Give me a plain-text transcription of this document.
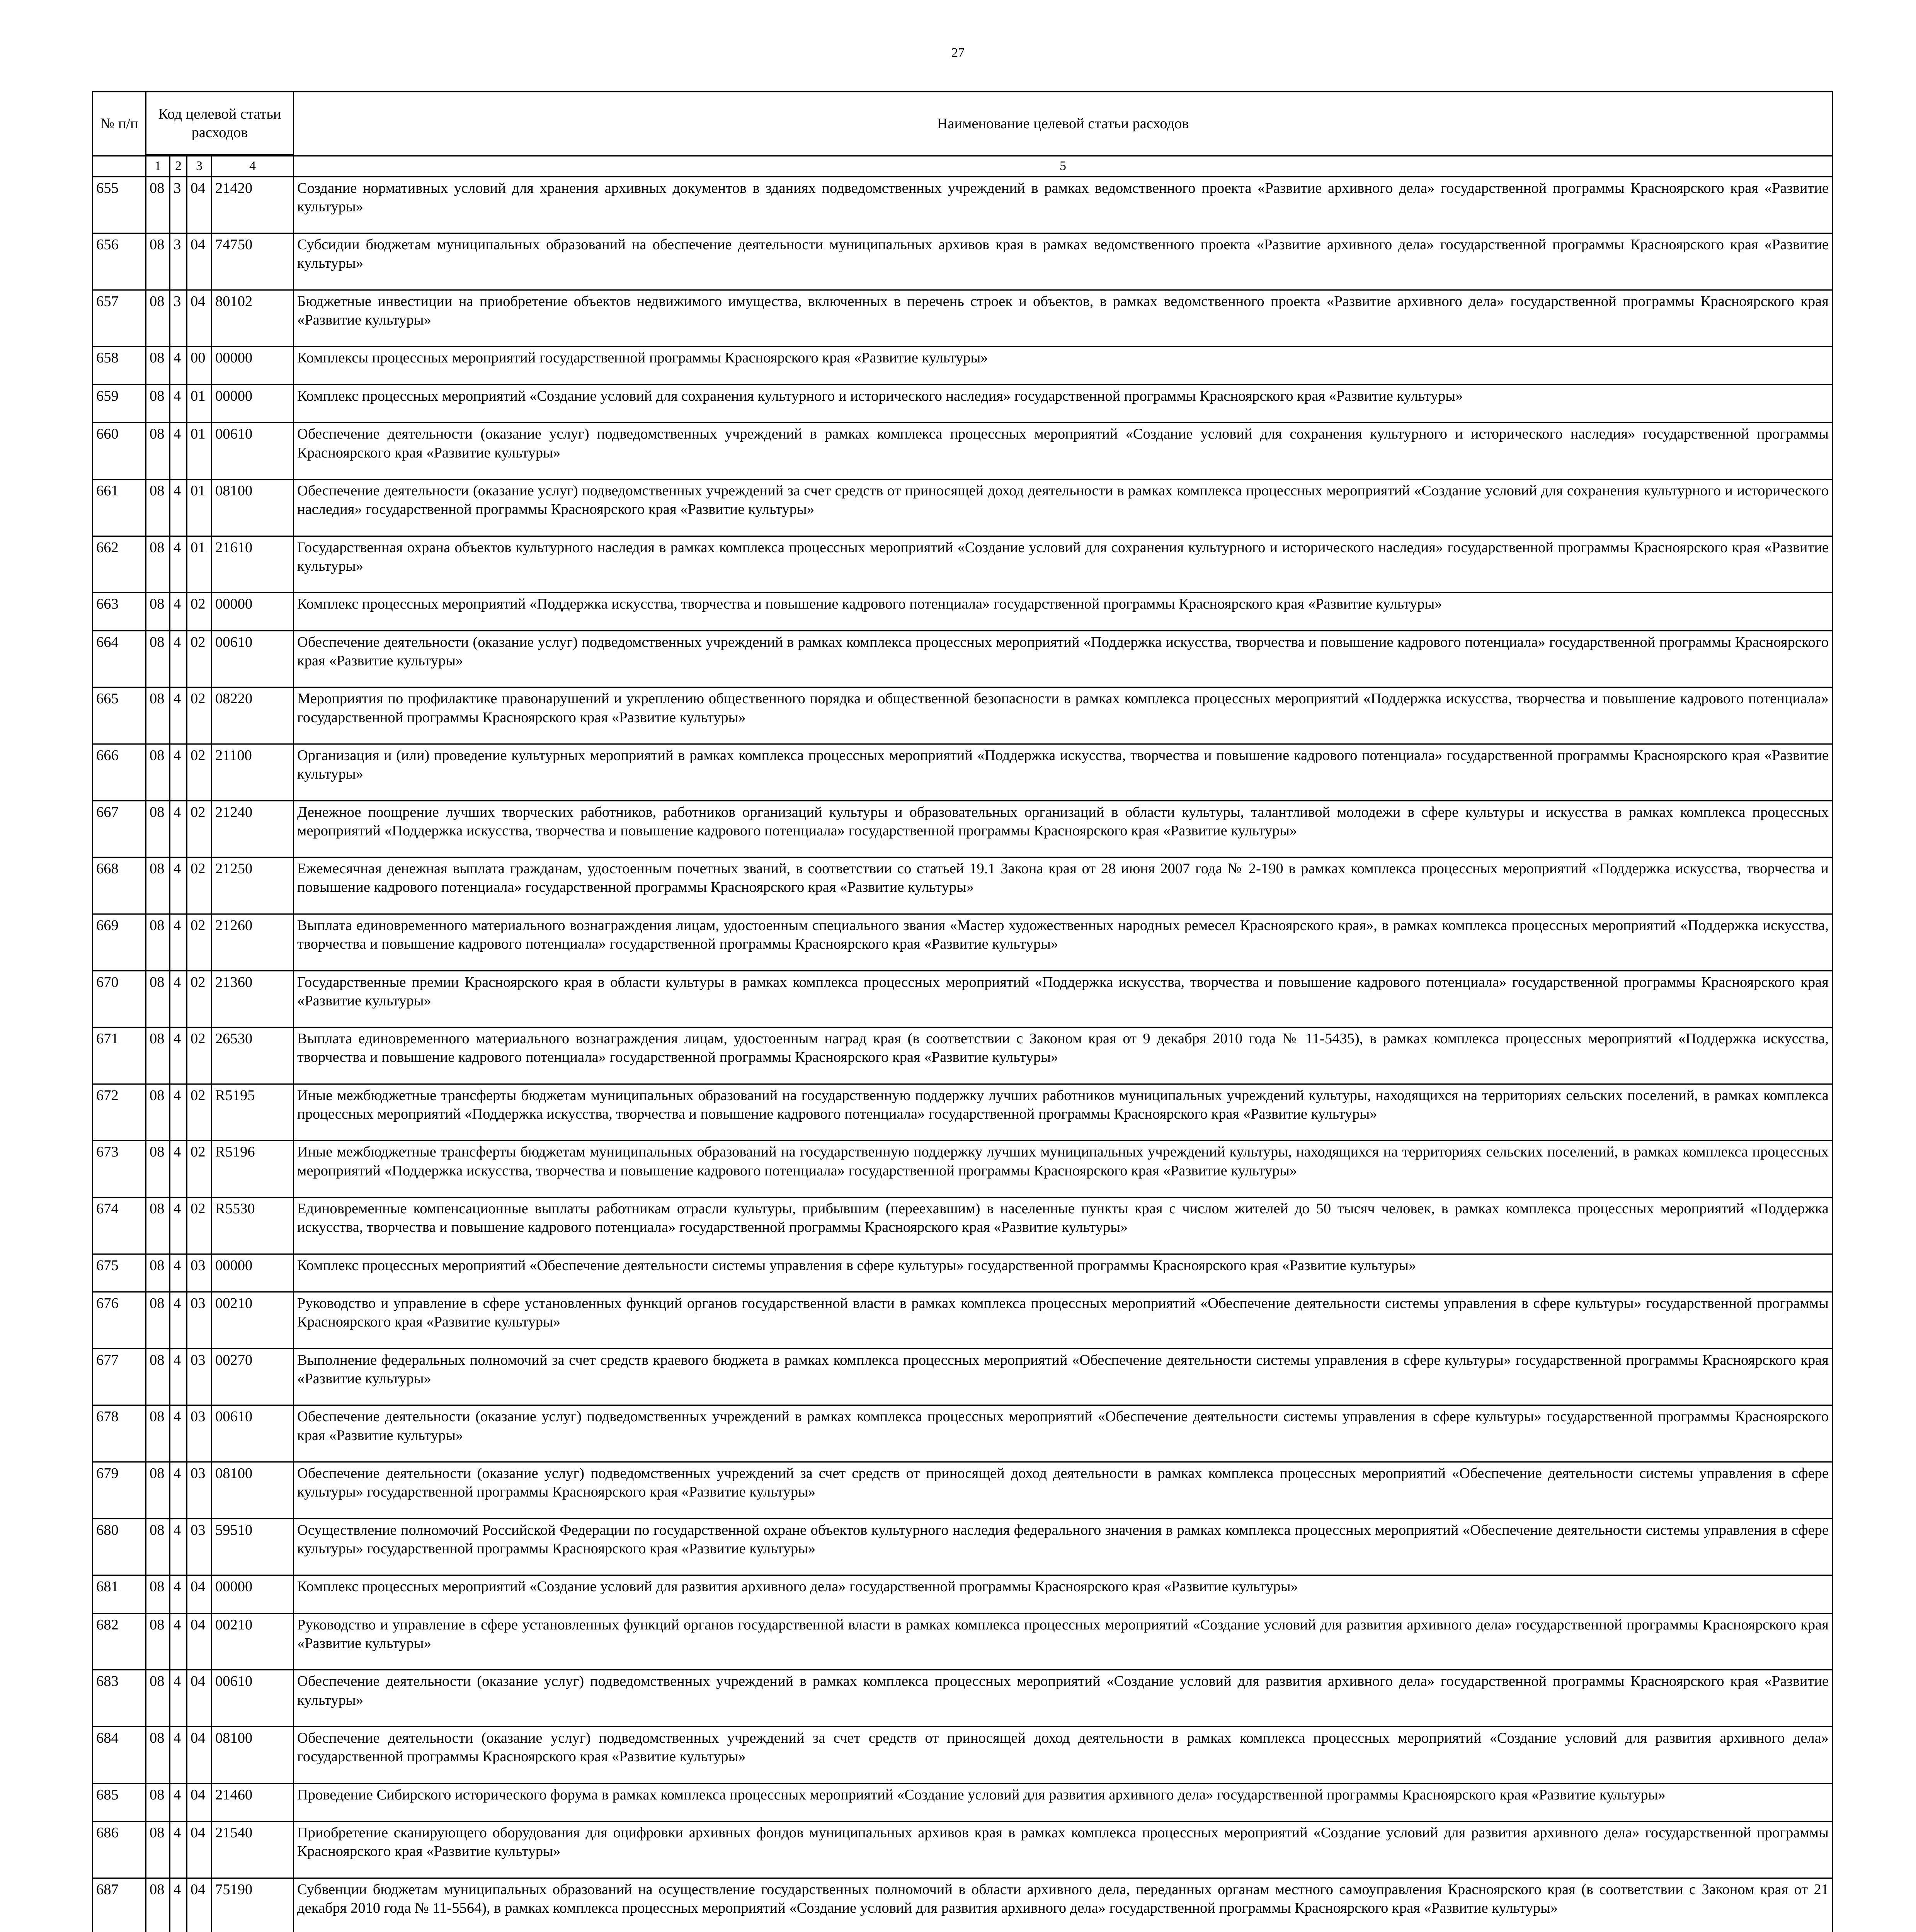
27
№ п/п	Код целевой статьи расходов				Наименование целевой статьи расходов

	1	2	3	4	5
655	08	3	04	21420	Создание нормативных условий для хранения архивных документов в зданиях подведомственных учреждений в рамках ведомственного проекта «Развитие архивного дела» государственной программы Красноярского края «Развитие культуры»
656	08	3	04	74750	Субсидии бюджетам муниципальных образований на обеспечение деятельности муниципальных архивов края в рамках ведомственного проекта «Развитие архивного дела» государственной программы Красноярского края «Развитие культуры»
657	08	3	04	80102	Бюджетные инвестиции на приобретение объектов недвижимого имущества, включенных в перечень строек и объектов, в рамках ведомственного проекта «Развитие архивного дела» государственной программы Красноярского края «Развитие культуры»
658	08	4	00	00000	Комплексы процессных мероприятий государственной программы Красноярского края «Развитие культуры»
659	08	4	01	00000	Комплекс процессных мероприятий «Создание условий для сохранения культурного и исторического наследия» государственной программы Красноярского края «Развитие культуры»
660	08	4	01	00610	Обеспечение деятельности (оказание услуг) подведомственных учреждений в рамках комплекса процессных мероприятий «Создание условий для сохранения культурного и исторического наследия» государственной программы Красноярского края «Развитие культуры»
661	08	4	01	08100	Обеспечение деятельности (оказание услуг) подведомственных учреждений за счет средств от приносящей доход деятельности в рамках комплекса процессных мероприятий «Создание условий для сохранения культурного и исторического наследия» государственной программы Красноярского края «Развитие культуры»
662	08	4	01	21610	Государственная охрана объектов культурного наследия в рамках комплекса процессных мероприятий «Создание условий для сохранения культурного и исторического наследия» государственной программы Красноярского края «Развитие культуры»
663	08	4	02	00000	Комплекс процессных мероприятий «Поддержка искусства, творчества и повышение кадрового потенциала» государственной программы Красноярского края «Развитие культуры»
664	08	4	02	00610	Обеспечение деятельности (оказание услуг) подведомственных учреждений в рамках комплекса процессных мероприятий «Поддержка искусства, творчества и повышение кадрового потенциала» государственной программы Красноярского края «Развитие культуры»
665	08	4	02	08220	Мероприятия по профилактике правонарушений и укреплению общественного порядка и общественной безопасности в рамках комплекса процессных мероприятий «Поддержка искусства, творчества и повышение кадрового потенциала» государственной программы Красноярского края «Развитие культуры»
666	08	4	02	21100	Организация и (или) проведение культурных мероприятий в рамках комплекса процессных мероприятий «Поддержка искусства, творчества и повышение кадрового потенциала» государственной программы Красноярского края «Развитие культуры»
667	08	4	02	21240	Денежное поощрение лучших творческих работников, работников организаций культуры и образовательных организаций в области культуры, талантливой молодежи в сфере культуры и искусства в рамках комплекса процессных мероприятий «Поддержка искусства, творчества и повышение кадрового потенциала» государственной программы Красноярского края «Развитие культуры»
668	08	4	02	21250	Ежемесячная денежная выплата гражданам, удостоенным почетных званий, в соответствии со статьей 19.1 Закона края от 28 июня 2007 года № 2-190 в рамках комплекса процессных мероприятий «Поддержка искусства, творчества и повышение кадрового потенциала» государственной программы Красноярского края «Развитие культуры»
669	08	4	02	21260	Выплата единовременного материального вознаграждения лицам, удостоенным специального звания «Мастер художественных народных ремесел Красноярского края», в рамках комплекса процессных мероприятий «Поддержка искусства, творчества и повышение кадрового потенциала» государственной программы Красноярского края «Развитие культуры»
670	08	4	02	21360	Государственные премии Красноярского края в области культуры в рамках комплекса процессных мероприятий «Поддержка искусства, творчества и повышение кадрового потенциала» государственной программы Красноярского края «Развитие культуры»
671	08	4	02	26530	Выплата единовременного материального вознаграждения лицам, удостоенным наград края (в соответствии с Законом края от 9 декабря 2010 года № 11-5435), в рамках комплекса процессных мероприятий «Поддержка искусства, творчества и повышение кадрового потенциала» государственной программы Красноярского края «Развитие культуры»
672	08	4	02	R5195	Иные межбюджетные трансферты бюджетам муниципальных образований на государственную поддержку лучших работников муниципальных учреждений культуры, находящихся на территориях сельских поселений, в рамках комплекса процессных мероприятий «Поддержка искусства, творчества и повышение кадрового потенциала» государственной программы Красноярского края «Развитие культуры»
673	08	4	02	R5196	Иные межбюджетные трансферты бюджетам муниципальных образований на государственную поддержку лучших муниципальных учреждений культуры, находящихся на территориях сельских поселений, в рамках комплекса процессных мероприятий «Поддержка искусства, творчества и повышение кадрового потенциала» государственной программы Красноярского края «Развитие культуры»
674	08	4	02	R5530	Единовременные компенсационные выплаты работникам отрасли культуры, прибывшим (переехавшим) в населенные пункты края с числом жителей до 50 тысяч человек, в рамках комплекса процессных мероприятий «Поддержка искусства, творчества и повышение кадрового потенциала» государственной программы Красноярского края «Развитие культуры»
675	08	4	03	00000	Комплекс процессных мероприятий «Обеспечение деятельности системы управления в сфере культуры» государственной программы Красноярского края «Развитие культуры»
676	08	4	03	00210	Руководство и управление в сфере установленных функций органов государственной власти в рамках комплекса процессных мероприятий «Обеспечение деятельности системы управления в сфере культуры» государственной программы Красноярского края «Развитие культуры»
677	08	4	03	00270	Выполнение федеральных полномочий за счет средств краевого бюджета в рамках комплекса процессных мероприятий «Обеспечение деятельности системы управления в сфере культуры» государственной программы Красноярского края «Развитие культуры»
678	08	4	03	00610	Обеспечение деятельности (оказание услуг) подведомственных учреждений в рамках комплекса процессных мероприятий «Обеспечение деятельности системы управления в сфере культуры» государственной программы Красноярского края «Развитие культуры»
679	08	4	03	08100	Обеспечение деятельности (оказание услуг) подведомственных учреждений за счет средств от приносящей доход деятельности в рамках комплекса процессных мероприятий «Обеспечение деятельности системы управления в сфере культуры» государственной программы Красноярского края «Развитие культуры»
680	08	4	03	59510	Осуществление полномочий Российской Федерации по государственной охране объектов культурного наследия федерального значения в рамках комплекса процессных мероприятий «Обеспечение деятельности системы управления в сфере культуры» государственной программы Красноярского края «Развитие культуры»
681	08	4	04	00000	Комплекс процессных мероприятий «Создание условий для развития архивного дела» государственной программы Красноярского края «Развитие культуры»
682	08	4	04	00210	Руководство и управление в сфере установленных функций органов государственной власти в рамках комплекса процессных мероприятий «Создание условий для развития архивного дела» государственной программы Красноярского края «Развитие культуры»
683	08	4	04	00610	Обеспечение деятельности (оказание услуг) подведомственных учреждений в рамках комплекса процессных мероприятий «Создание условий для развития архивного дела» государственной программы Красноярского края «Развитие культуры»
684	08	4	04	08100	Обеспечение деятельности (оказание услуг) подведомственных учреждений за счет средств от приносящей доход деятельности в рамках комплекса процессных мероприятий «Создание условий для развития архивного дела» государственной программы Красноярского края «Развитие культуры»
685	08	4	04	21460	Проведение Сибирского исторического форума в рамках комплекса процессных мероприятий «Создание условий для развития архивного дела» государственной программы Красноярского края «Развитие культуры»
686	08	4	04	21540	Приобретение сканирующего оборудования для оцифровки архивных фондов муниципальных архивов края в рамках комплекса процессных мероприятий «Создание условий для развития архивного дела» государственной программы Красноярского края «Развитие культуры»
687	08	4	04	75190	Субвенции бюджетам муниципальных образований на осуществление государственных полномочий в области архивного дела, переданных органам местного самоуправления Красноярского края (в соответствии с Законом края от 21 декабря 2010 года № 11-5564), в рамках комплекса процессных мероприятий «Создание условий для развития архивного дела» государственной программы Красноярского края «Развитие культуры»
